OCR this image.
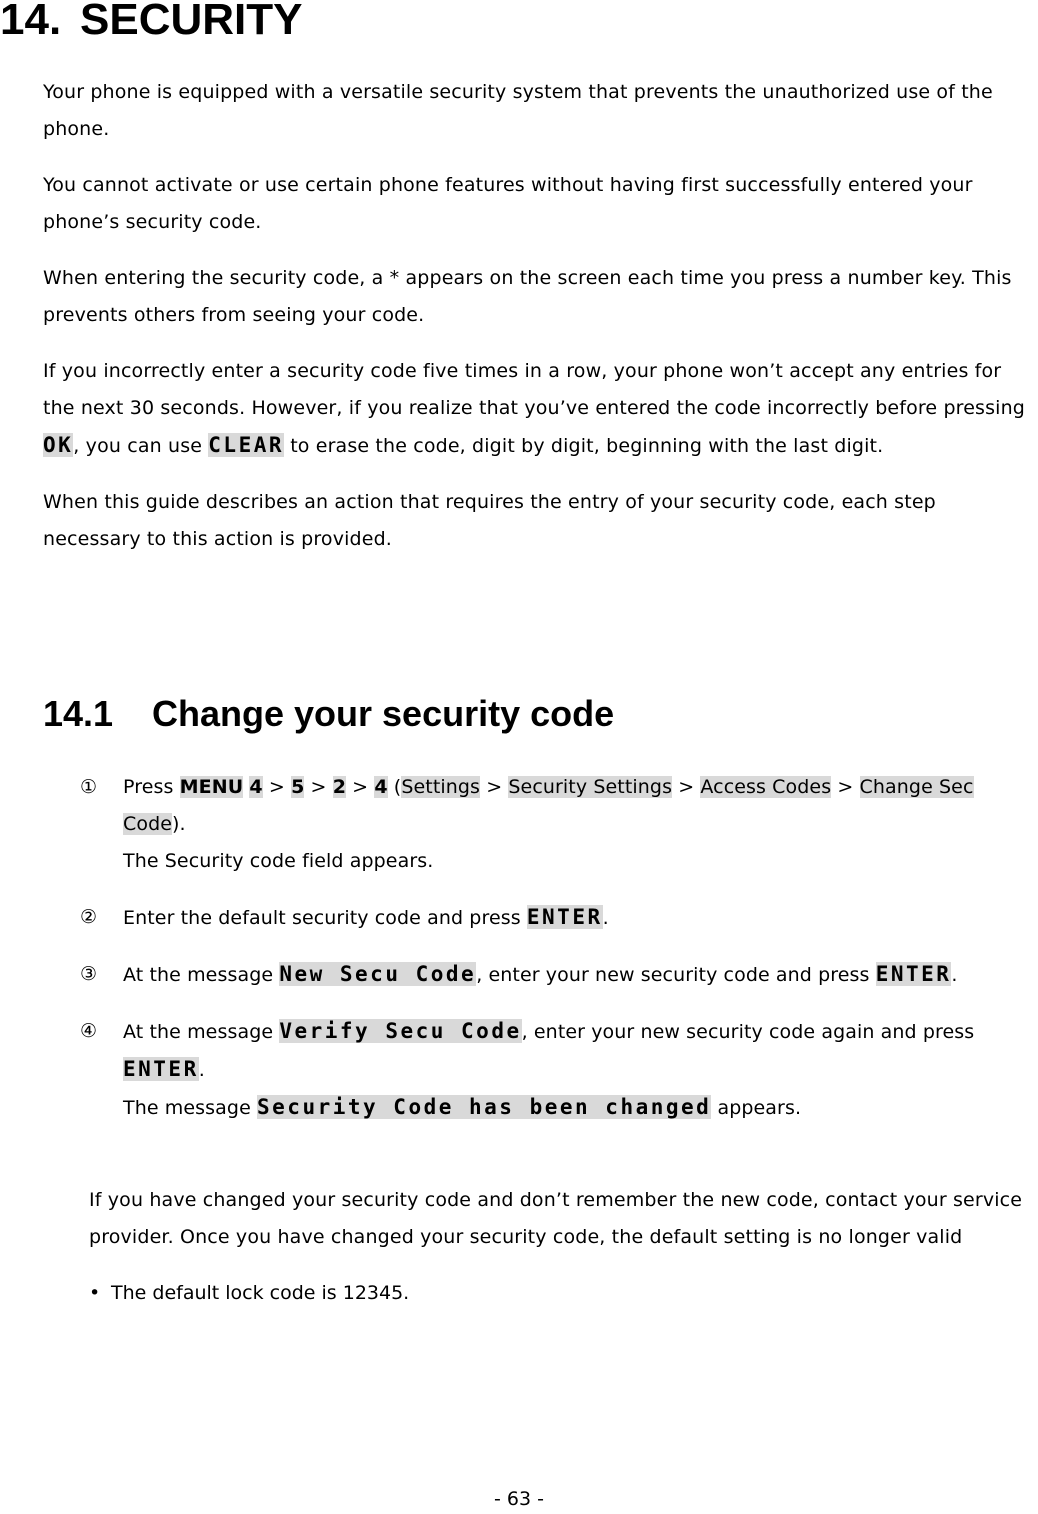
14. SECURITY

Your phone is equipped with a versatile security system that prevents the unauthorized use of the phone.

You cannot activate or use certain phone features without having first successfully entered your phone’s security code.

When entering the security code, a * appears on the screen each time you press a number key. This prevents others from seeing your code.

If you incorrectly enter a security code five times in a row, your phone won’t accept any entries for the next 30 seconds. However, if you realize that you’ve entered the code incorrectly before pressing OK, you can use CLEAR to erase the code, digit by digit, beginning with the last digit.

When this guide describes an action that requires the entry of your security code, each step necessary to this action is provided.

14.1 Change your security code
①	Press MENU 4 > 5 > 2 > 4 (Settings > Security Settings > Access Codes > Change Sec Code).
The Security code field appears.
②	Enter the default security code and press ENTER.
③	At the message New Secu Code, enter your new security code and press ENTER.
④	At the message Verify Secu Code, enter your new security code again and press ENTER.
The message Security Code has been changed appears.

If you have changed your security code and don’t remember the new code, contact your service provider. Once you have changed your security code, the default setting is no longer valid

• The default lock code is 12345.
- 63 -
